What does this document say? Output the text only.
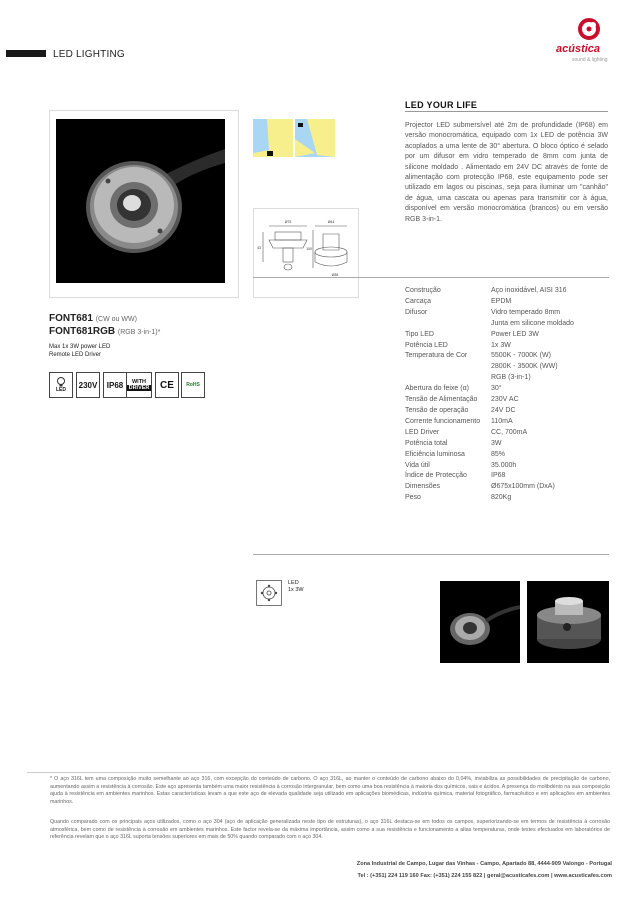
LED LIGHTING	acústica
sound & lighting
FONT681 (CW ou WW)
FONT681RGB (RGB 3-in-1)*
Max 1x 3W power LED
Remote LED Driver
LED
230V	IP68	WITH
DRIVER	CE	RoHS
Ø75	Ø44
100
43
Ø38
LED YOUR LIFE
Projector LED submersível até 2m de profundidade (IP68) em versão monocromática, equipado com 1x LED de potência 3W acoplados a uma lente de 30° abertura. O bloco óptico é selado por um difusor em vidro temperado de 8mm com junta de silicone moldado . Alimentado em 24V DC através de fonte de alimentação com protecção IP68, este equipamento pode ser utilizado em lagos ou piscinas, seja para iluminar um "canhão" de água, uma cascata ou apenas para transmitir cor à água, disponível em versão monocromática (brancos) ou em versão RGB 3-in-1.
Construção	Aço inoxidável, AISI 316
Carcaça	EPDM
Difusor	Vidro temperado 8mm
Junta em silicone moldado
Tipo LED	Power LED 3W
Potência LED	1x 3W
Temperatura de Cor	5500K - 7000K (W)
2800K - 3500K (WW)
RGB (3-in-1)
Abertura do feixe (α)	30°
Tensão de Alimentação	230V AC
Tensão de operação	24V DC
Corrente funcionamento	110mA
LED Driver	CC, 700mA
Potência total	3W
Eficiência luminosa	85%
Vida útil	35.000h
Índice de Protecção	IP68
Dimensões	Ø675x100mm (DxA)
Peso	820Kg
LED
1x 3W
* O aço 316L tem uma composição muito semelhante ao aço 316, com excepção do conteúdo de carbono. O aço 316L, ao manter o conteúdo de carbono abaixo do 0,04%, inviabiliza as possibilidades de precipitação de carbono, aumentando assim a resistência à corrosão. Este aço apresenta também uma maior resistência à corrosão intergranular, bem como uma boa resistência à maioria dos químicos, sais e ácidos. A presença do molibdénio na sua composição ajuda à resistência em ambientes marinhos. Estas características levam a que este aço de elevada qualidade seja utilizado em aplicações biomédicas, indústria química, material fotográfico, farmacêutico e em aplicações em ambientes marinhos.
Quando comparado com os principais aços utilizados, como o aço 304 (aço de aplicação generalizada neste tipo de estruturas), o aço 316L destaca-se em todos os campos, superiorizando-se em termos de resistência à corrosão atmosférica, bem como de resistência à corrosão em ambientes marinhos. Este factor revela-se da máxima importância, assim como a sua resistência e funcionamento a altas temperaturas, onde testes efectuados em laboratórios de referência revelam que o aço 316L suporta tensões superiores em mais de 50% quando comparado com o aço 304.
Zona Industrial de Campo, Lugar das Vinhas - Campo, Apartado 88, 4444-909 Valongo - Portugal
Tel : (+351) 224 119 160 Fax: (+351) 224 155 822 | geral@acusticafes.com | www.acusticafes.com
